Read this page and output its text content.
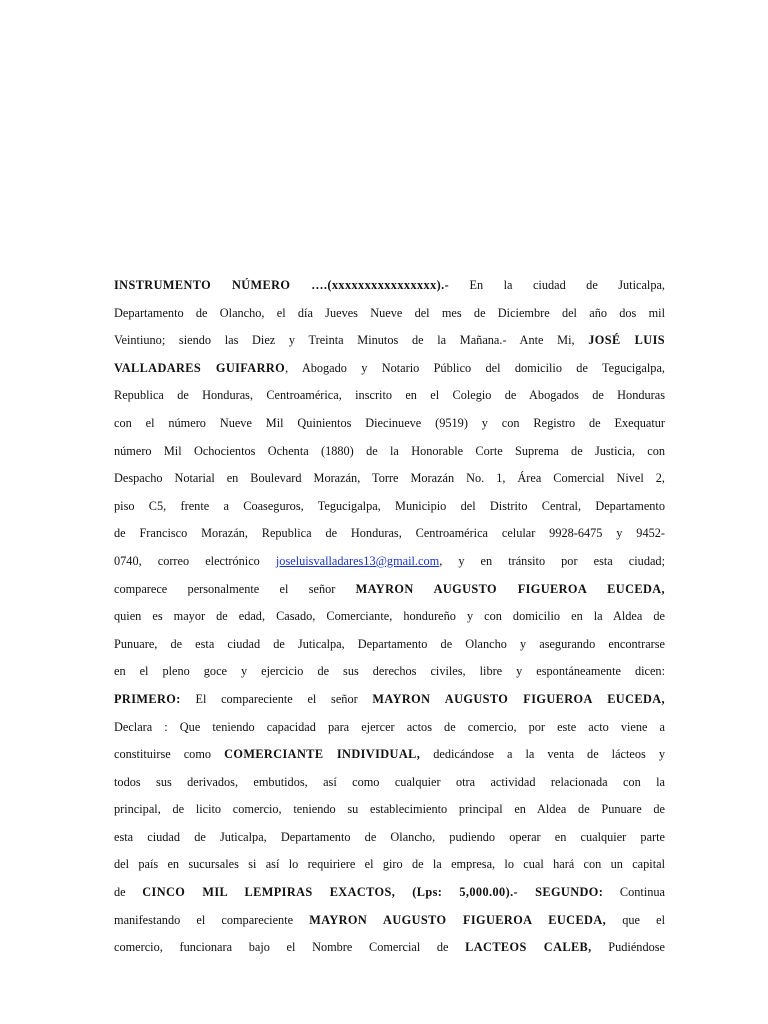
INSTRUMENTO NÚMERO ….(xxxxxxxxxxxxxxxx).- En la ciudad de Juticalpa,
Departamento de Olancho, el día Jueves Nueve del mes de Diciembre del año dos mil
Veintiuno; siendo las Diez y Treinta Minutos de la Mañana.- Ante Mi, JOSÉ LUIS
VALLADARES GUIFARRO, Abogado y Notario Público del domicilio de Tegucigalpa,
Republica de Honduras, Centroamérica, inscrito en el Colegio de Abogados de Honduras
con el número Nueve Mil Quinientos Diecinueve (9519) y con Registro de Exequatur
número Mil Ochocientos Ochenta (1880) de la Honorable Corte Suprema de Justicia, con
Despacho Notarial en Boulevard Morazán, Torre Morazán No. 1, Área Comercial Nivel 2,
piso C5, frente a Coaseguros, Tegucigalpa, Municipio del Distrito Central, Departamento
de Francisco Morazán, Republica de Honduras, Centroamérica celular 9928-6475 y 9452-
0740, correo electrónico joseluisvalladares13@gmail.com, y en tránsito por esta ciudad;
comparece personalmente el señor MAYRON AUGUSTO FIGUEROA EUCEDA,
quien es mayor de edad, Casado, Comerciante, hondureño y con domicilio en la Aldea de
Punuare, de esta ciudad de Juticalpa, Departamento de Olancho y asegurando encontrarse
en el pleno goce y ejercicio de sus derechos civiles, libre y espontáneamente dicen:
PRIMERO: El compareciente el señor MAYRON AUGUSTO FIGUEROA EUCEDA,
Declara : Que teniendo capacidad para ejercer actos de comercio, por este acto viene a
constituirse como COMERCIANTE INDIVIDUAL, dedicándose a la venta de lácteos y
todos sus derivados, embutidos, así como cualquier otra actividad relacionada con la
principal, de licito comercio, teniendo su establecimiento principal en Aldea de Punuare de
esta ciudad de Juticalpa, Departamento de Olancho, pudiendo operar en cualquier parte
del país en sucursales si así lo requiriere el giro de la empresa, lo cual hará con un capital
de CINCO MIL LEMPIRAS EXACTOS, (Lps: 5,000.00).- SEGUNDO: Continua
manifestando el compareciente MAYRON AUGUSTO FIGUEROA EUCEDA, que el
comercio, funcionara bajo el Nombre Comercial de LACTEOS CALEB, Pudiéndose
